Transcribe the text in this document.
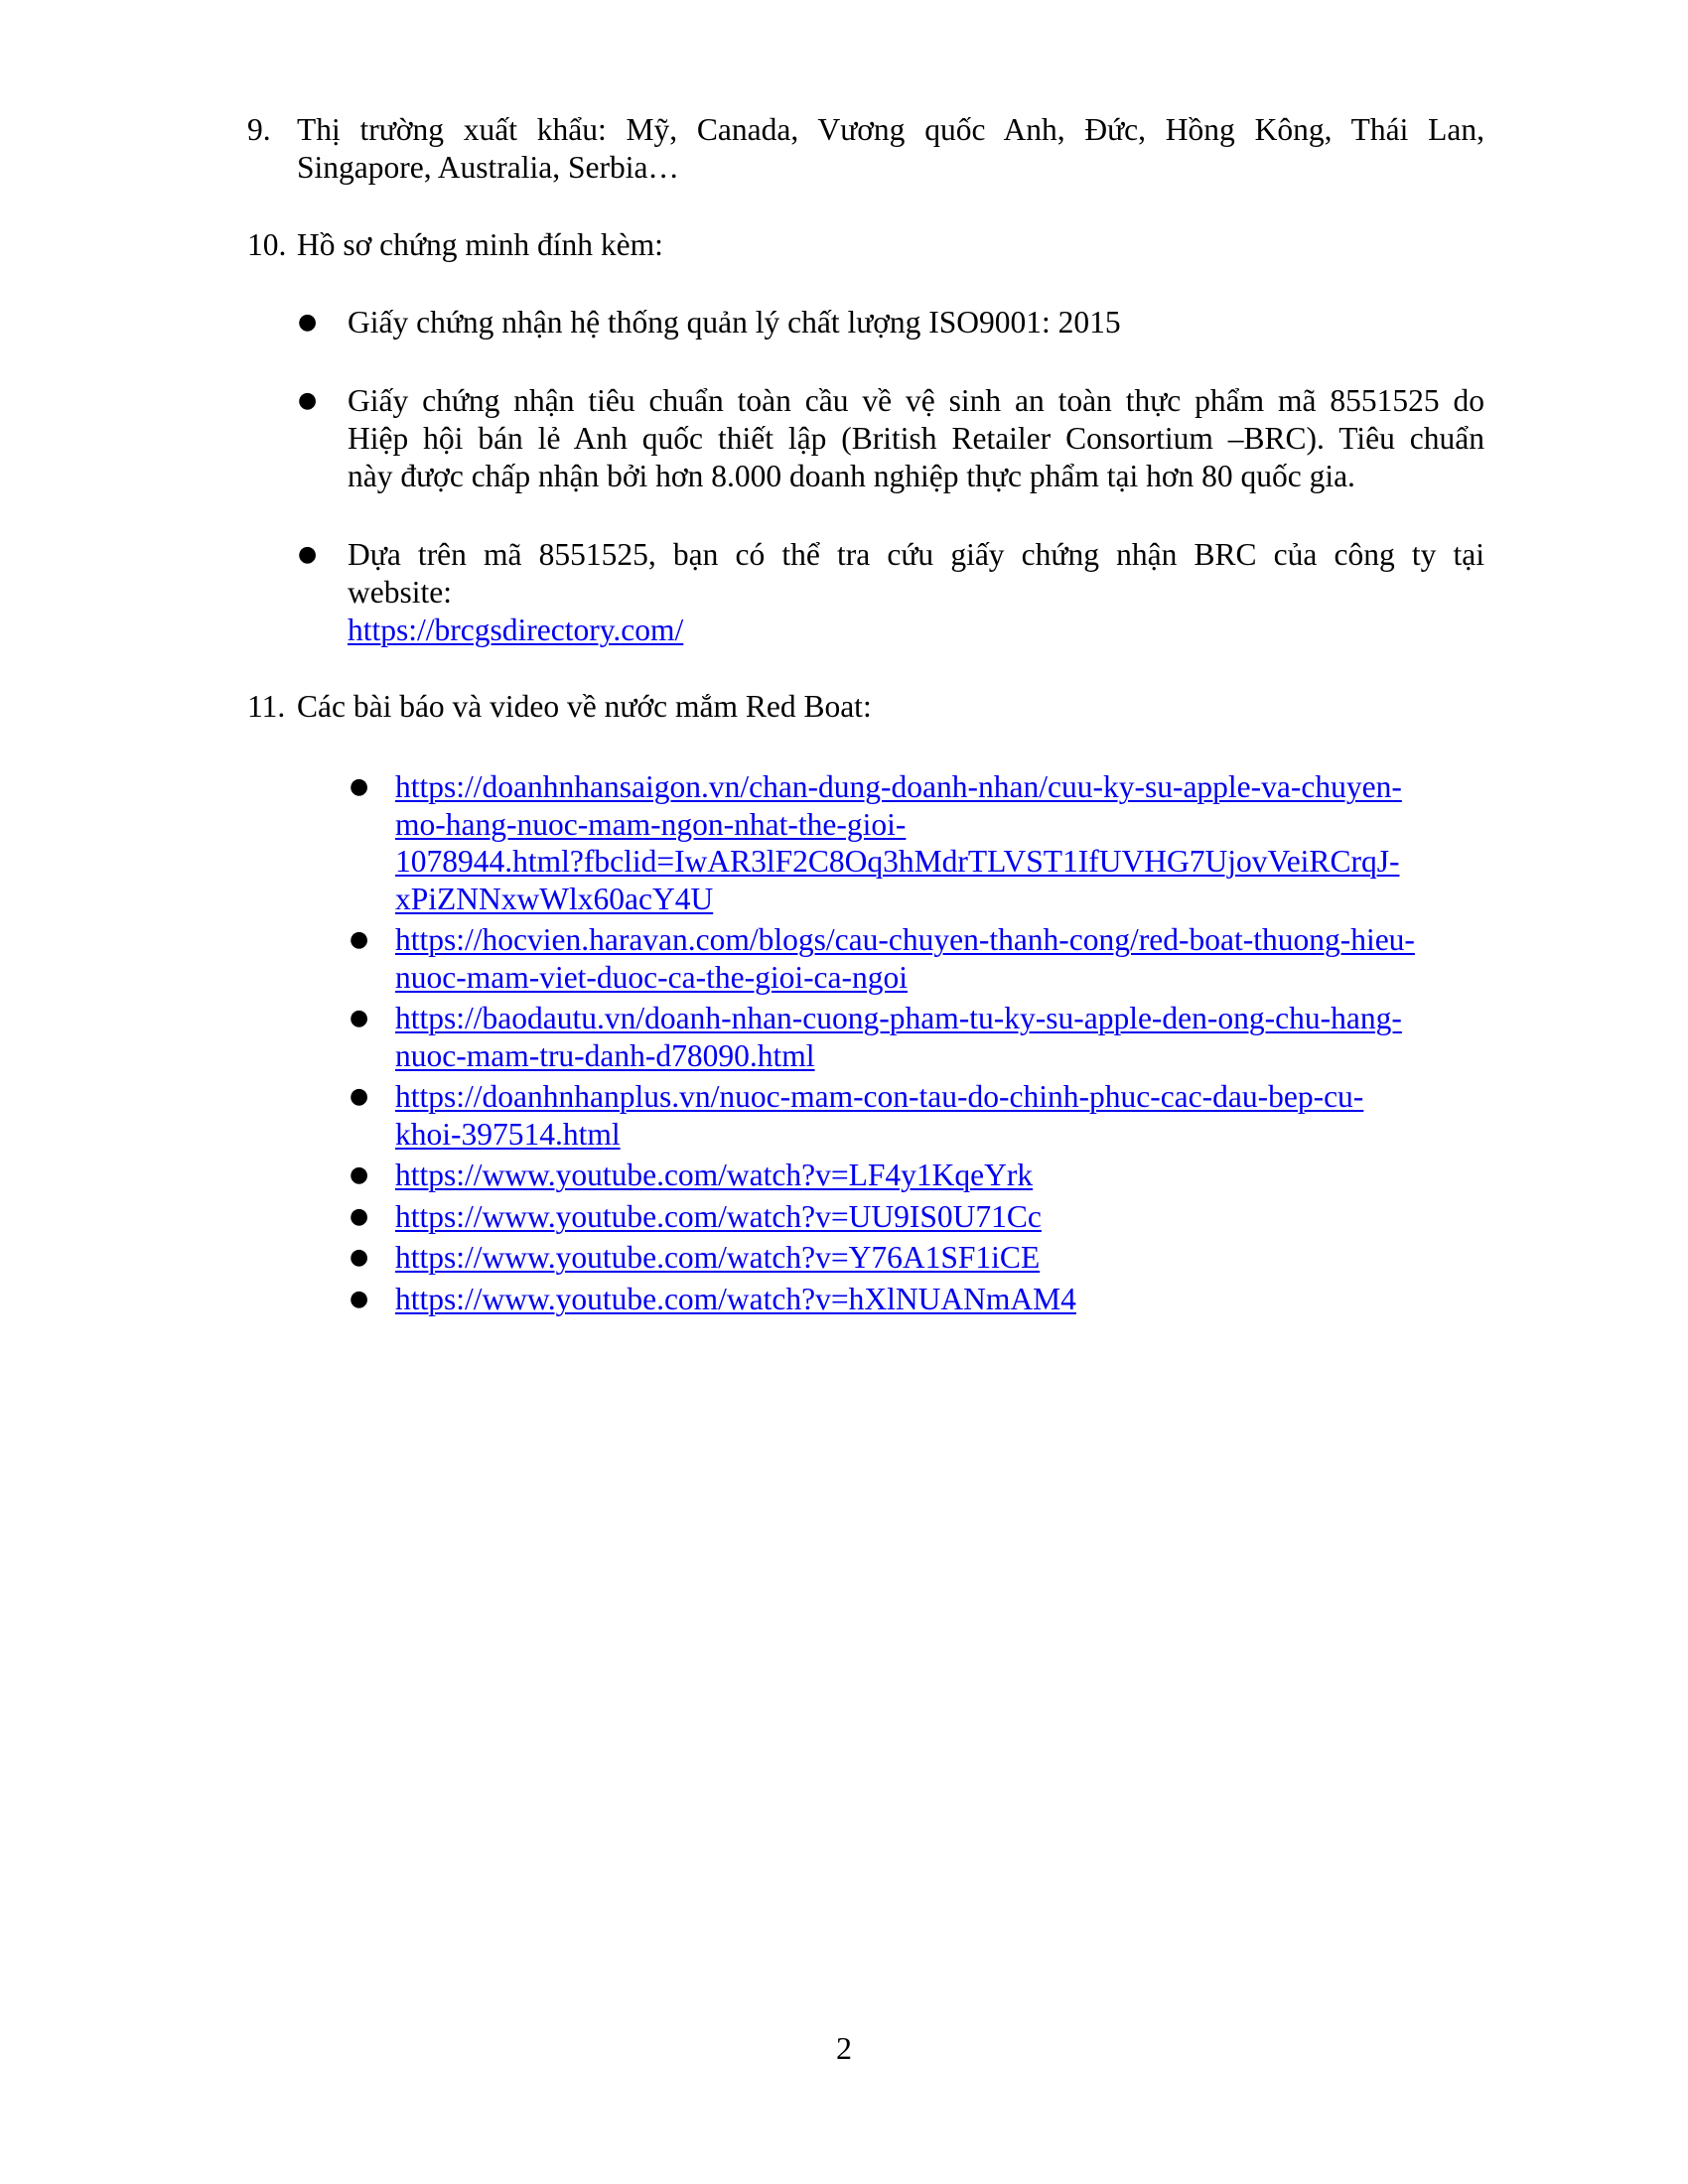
9. Thị trường xuất khẩu: Mỹ, Canada, Vương quốc Anh, Đức, Hồng Kông, Thái Lan,
Singapore, Australia, Serbia…
10. Hồ sơ chứng minh đính kèm:
● Giấy chứng nhận hệ thống quản lý chất lượng ISO9001: 2015
● Giấy chứng nhận tiêu chuẩn toàn cầu về vệ sinh an toàn thực phẩm mã 8551525 do
Hiệp hội bán lẻ Anh quốc thiết lập (British Retailer Consortium –BRC). Tiêu chuẩn
này được chấp nhận bởi hơn 8.000 doanh nghiệp thực phẩm tại hơn 80 quốc gia.
● Dựa trên mã 8551525, bạn có thể tra cứu giấy chứng nhận BRC của công ty tại
website:
https://brcgsdirectory.com/
11. Các bài báo và video về nước mắm Red Boat:
● https://doanhnhansaigon.vn/chan-dung-doanh-nhan/cuu-ky-su-apple-va-chuyen-
mo-hang-nuoc-mam-ngon-nhat-the-gioi-
1078944.html?fbclid=IwAR3lF2C8Oq3hMdrTLVST1IfUVHG7UjovVeiRCrqJ-
xPiZNNxwWlx60acY4U
● https://hocvien.haravan.com/blogs/cau-chuyen-thanh-cong/red-boat-thuong-hieu-
nuoc-mam-viet-duoc-ca-the-gioi-ca-ngoi
● https://baodautu.vn/doanh-nhan-cuong-pham-tu-ky-su-apple-den-ong-chu-hang-
nuoc-mam-tru-danh-d78090.html
● https://doanhnhanplus.vn/nuoc-mam-con-tau-do-chinh-phuc-cac-dau-bep-cu-
khoi-397514.html
● https://www.youtube.com/watch?v=LF4y1KqeYrk
● https://www.youtube.com/watch?v=UU9IS0U71Cc
● https://www.youtube.com/watch?v=Y76A1SF1iCE
● https://www.youtube.com/watch?v=hXlNUANmAM4
2
